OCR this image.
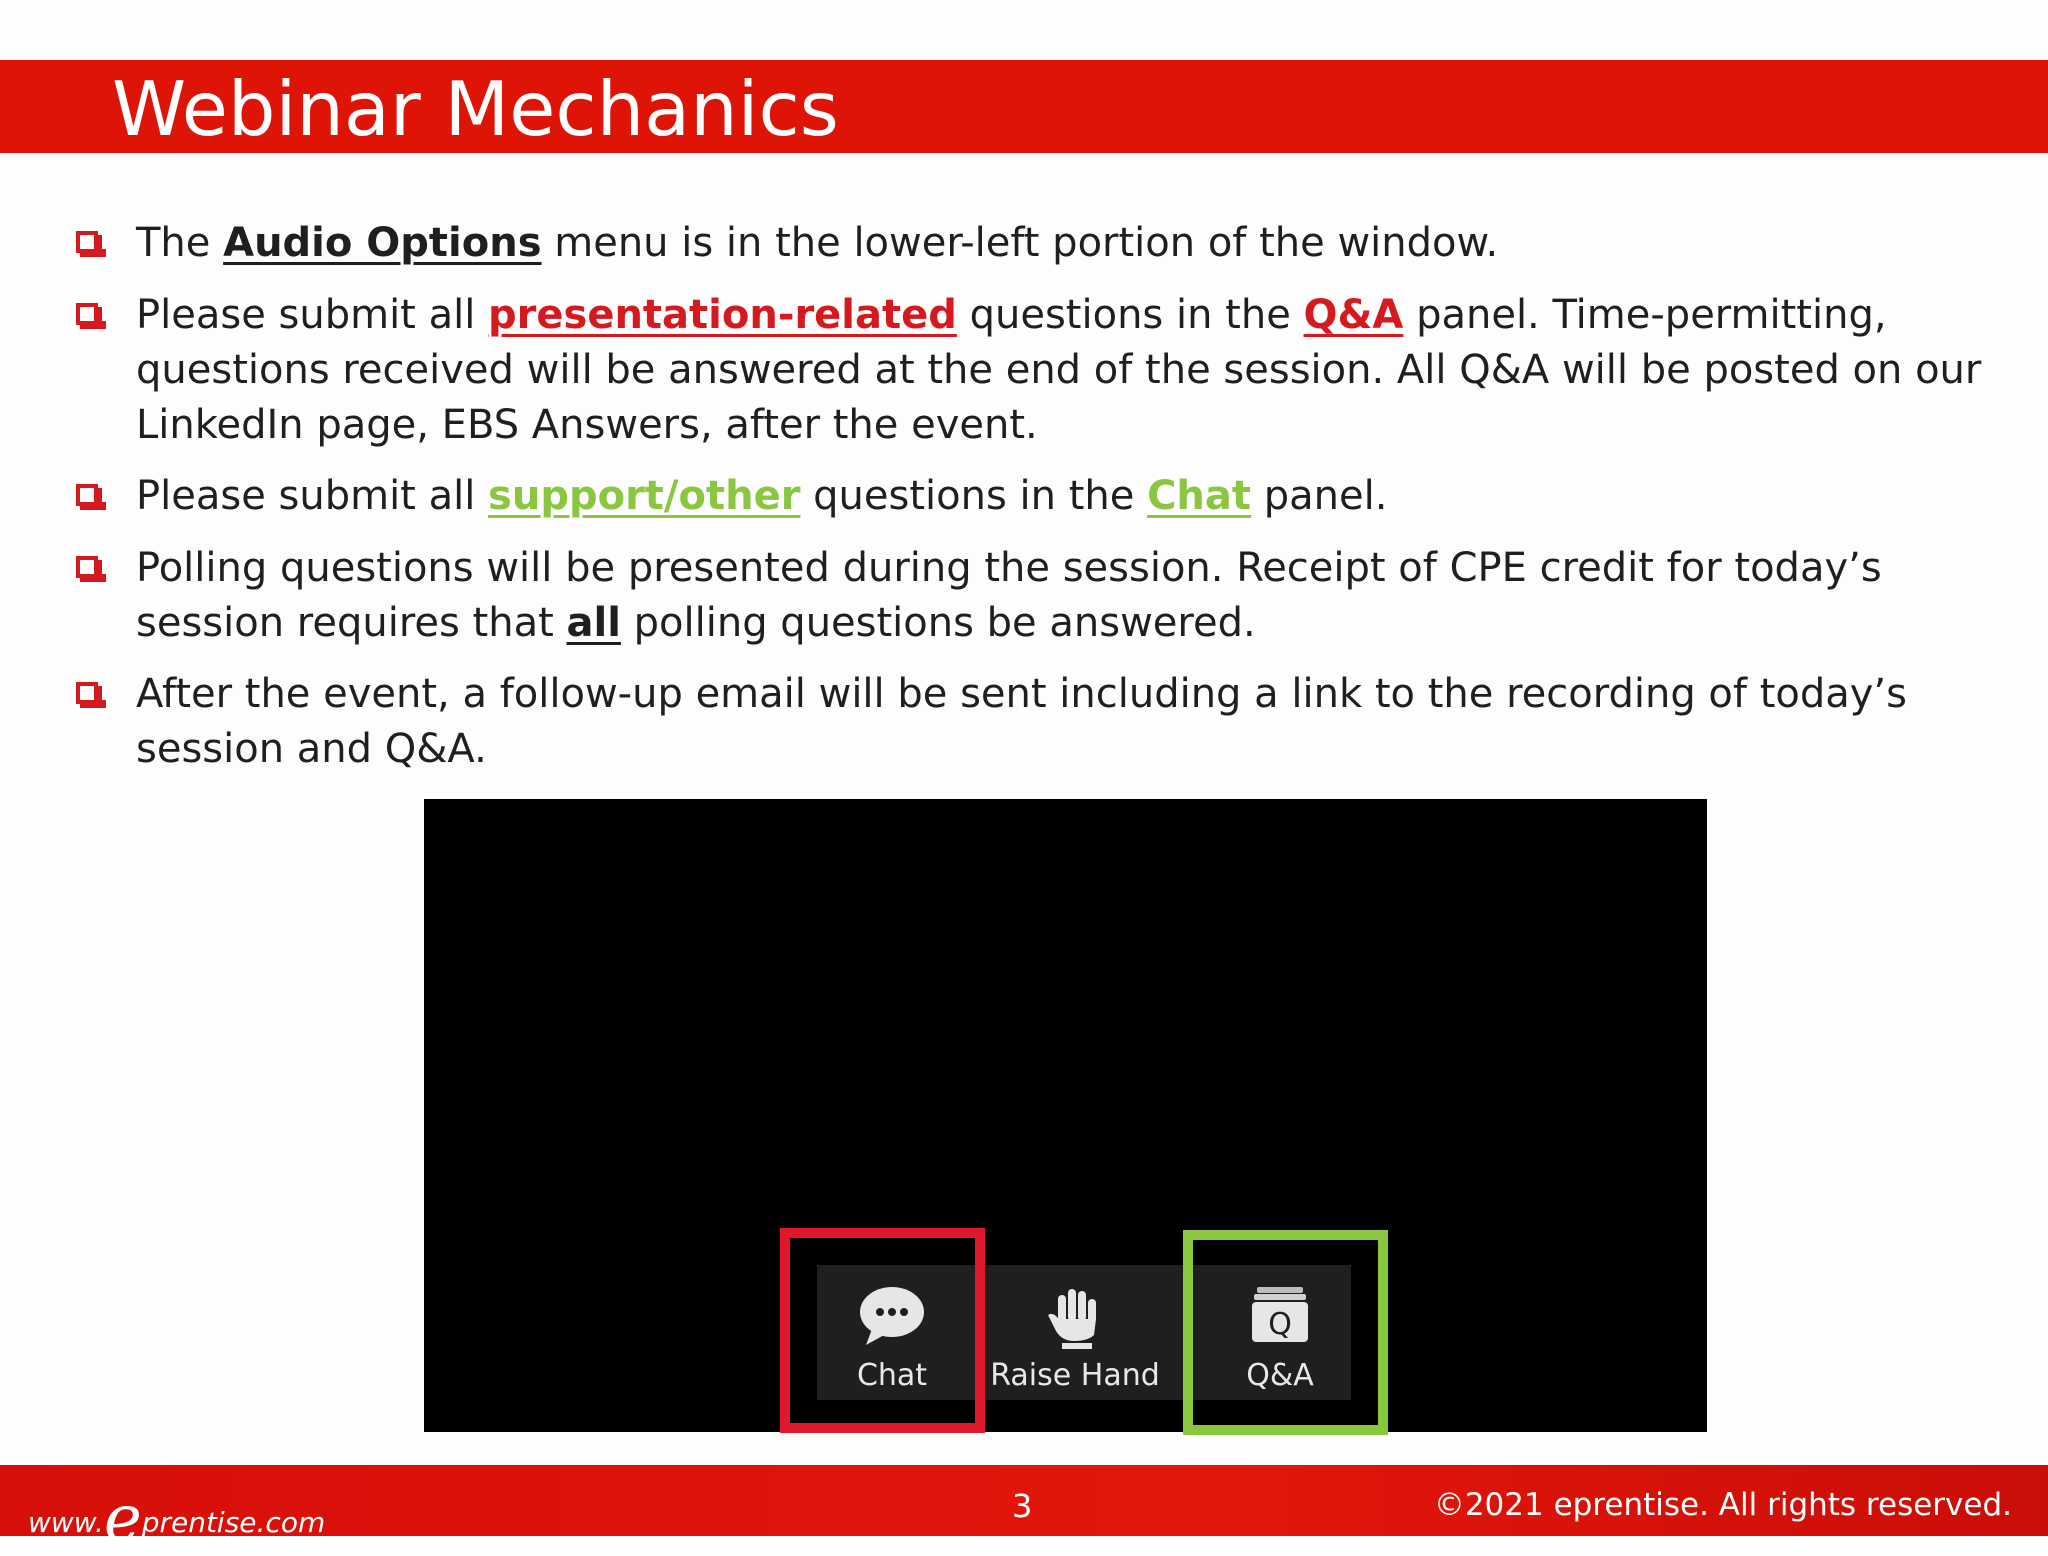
Webinar Mechanics
The Audio Options menu is in the lower-left portion of the window.
Please submit all presentation-related questions in the Q&A panel. Time-permitting, questions received will be answered at the end of the session. All Q&A will be posted on our LinkedIn page, EBS Answers, after the event.
Please submit all support/other questions in the Chat panel.
Polling questions will be presented during the session. Receipt of CPE credit for today’s session requires that all polling questions be answered.
After the event, a follow-up email will be sent including a link to the recording of today’s session and Q&A.
Chat	Raise Hand
Q
Q&A
www.eprentise.com	3	©2021 eprentise. All rights reserved.
